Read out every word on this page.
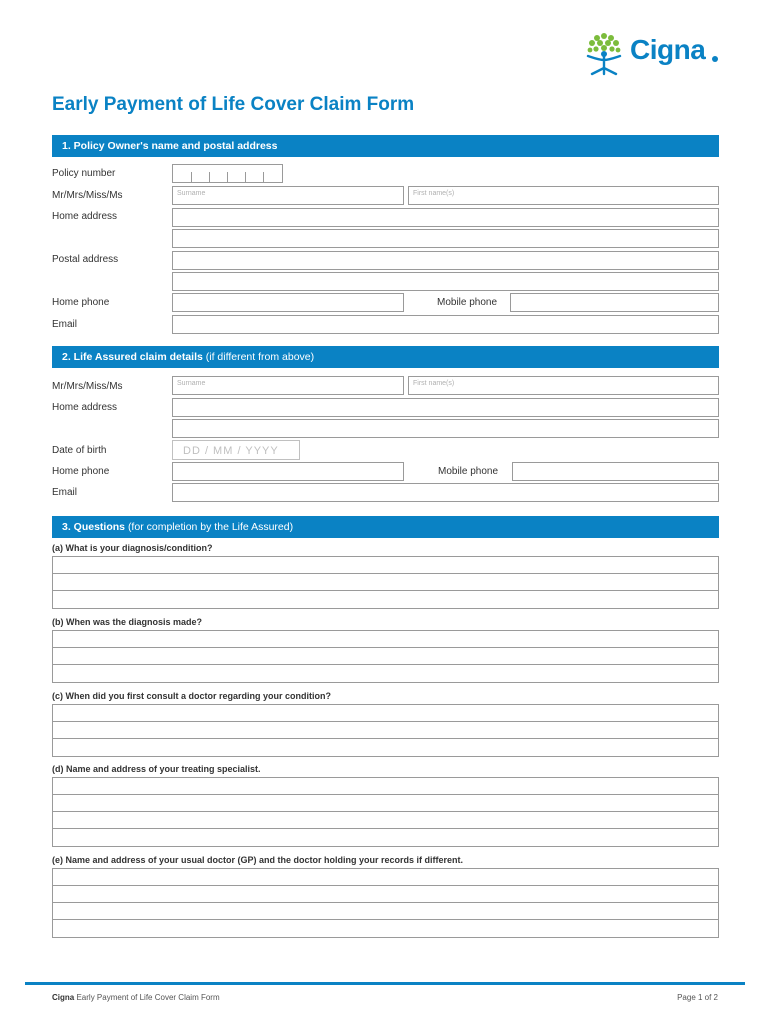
Cigna
Early Payment of Life Cover Claim Form
1. Policy Owner's name and postal address
Policy number
Mr/Mrs/Miss/Ms	Surname	First name(s)
Home address
Postal address
Home phone	Mobile phone
Email
2. Life Assured claim details (if different from above)
Mr/Mrs/Miss/Ms	Surname	First name(s)
Home address
Date of birth	DD / MM / YYYY
Home phone	Mobile phone
Email
3. Questions (for completion by the Life Assured)
(a) What is your diagnosis/condition?
(b) When was the diagnosis made?
(c) When did you first consult a doctor regarding your condition?
(d) Name and address of your treating specialist.
(e) Name and address of your usual doctor (GP) and the doctor holding your records if different.
Cigna Early Payment of Life Cover Claim Form	Page 1 of 2
